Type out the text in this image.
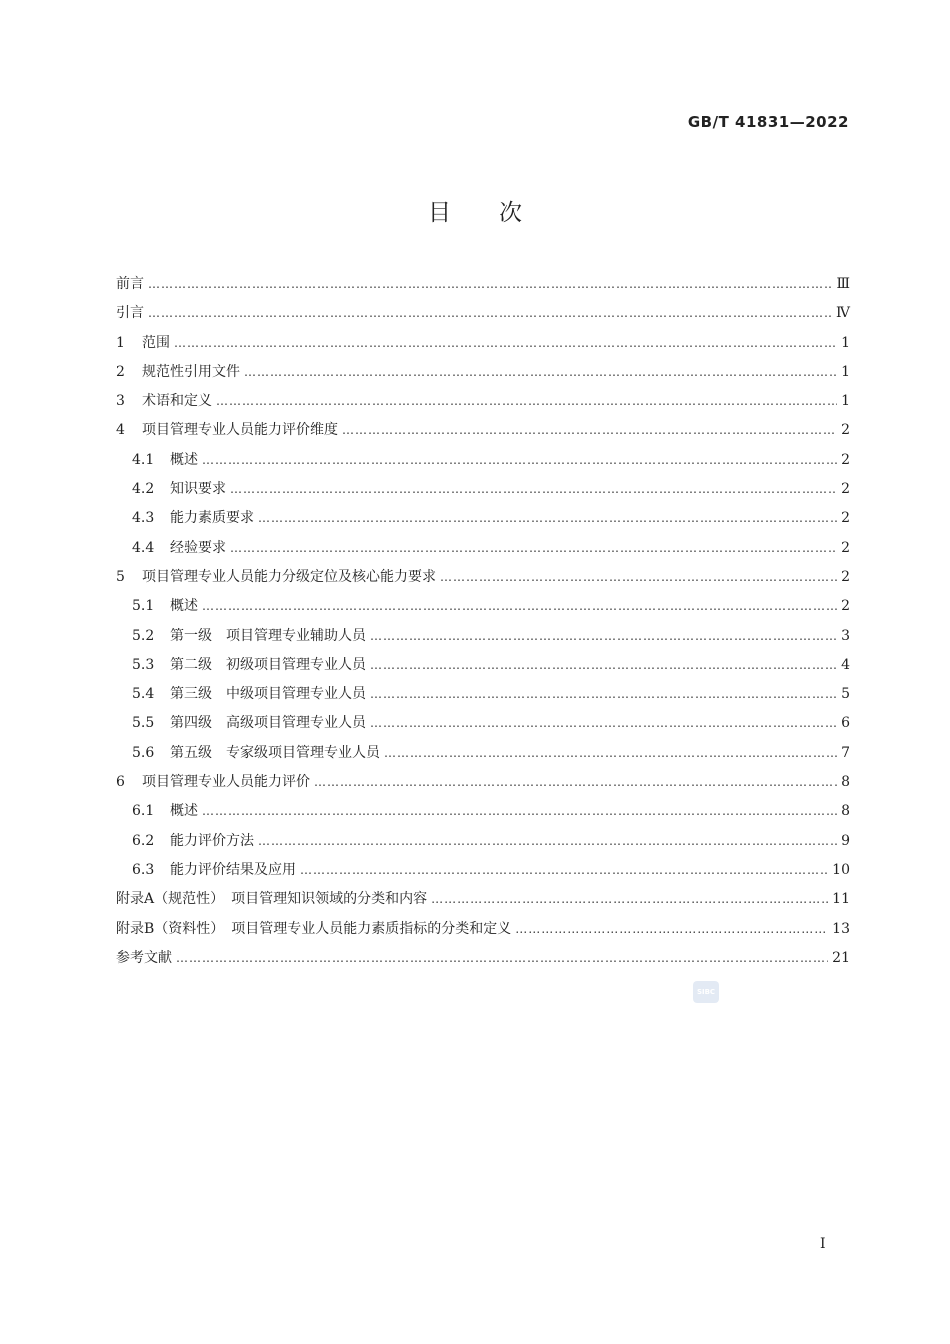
GB/T 41831—2022
目次
前言 ………………………………………………………………………………………………………………………………………………………………………………………………………………………………………………	Ⅲ
引言 ………………………………………………………………………………………………………………………………………………………………………………………………………………………………………………	Ⅳ
1	范围 ………………………………………………………………………………………………………………………………………………………………………………………………………………………………………………	1
2	规范性引用文件 ………………………………………………………………………………………………………………………………………………………………………………………………………………………………………………	1
3	术语和定义 ………………………………………………………………………………………………………………………………………………………………………………………………………………………………………………	1
4	项目管理专业人员能力评价维度 ………………………………………………………………………………………………………………………………………………………………………………………………………………………………………………	2
4.1	概述 ………………………………………………………………………………………………………………………………………………………………………………………………………………………………………………	2
4.2	知识要求 ………………………………………………………………………………………………………………………………………………………………………………………………………………………………………………	2
4.3	能力素质要求 ………………………………………………………………………………………………………………………………………………………………………………………………………………………………………………	2
4.4	经验要求 ………………………………………………………………………………………………………………………………………………………………………………………………………………………………………………	2
5	项目管理专业人员能力分级定位及核心能力要求 ………………………………………………………………………………………………………………………………………………………………………………………………………………………………………………	2
5.1	概述 ………………………………………………………………………………………………………………………………………………………………………………………………………………………………………………	2
5.2	第一级　项目管理专业辅助人员 ………………………………………………………………………………………………………………………………………………………………………………………………………………………………………………	3
5.3	第二级　初级项目管理专业人员 ………………………………………………………………………………………………………………………………………………………………………………………………………………………………………………	4
5.4	第三级　中级项目管理专业人员 ………………………………………………………………………………………………………………………………………………………………………………………………………………………………………………	5
5.5	第四级　高级项目管理专业人员 ………………………………………………………………………………………………………………………………………………………………………………………………………………………………………………	6
5.6	第五级　专家级项目管理专业人员 ………………………………………………………………………………………………………………………………………………………………………………………………………………………………………………	7
6	项目管理专业人员能力评价 ………………………………………………………………………………………………………………………………………………………………………………………………………………………………………………	8
6.1	概述 ………………………………………………………………………………………………………………………………………………………………………………………………………………………………………………	8
6.2	能力评价方法 ………………………………………………………………………………………………………………………………………………………………………………………………………………………………………………	9
6.3	能力评价结果及应用 ………………………………………………………………………………………………………………………………………………………………………………………………………………………………………………	10
附录A（规范性）　项目管理知识领域的分类和内容 ………………………………………………………………………………………………………………………………………………………………………………………………………………………………………………	11
附录B（资料性）　项目管理专业人员能力素质指标的分类和定义 ………………………………………………………………………………………………………………………………………………………………………………………………………………………………………………	13
参考文献 ………………………………………………………………………………………………………………………………………………………………………………………………………………………………………………	21
SIBC
Ⅰ
